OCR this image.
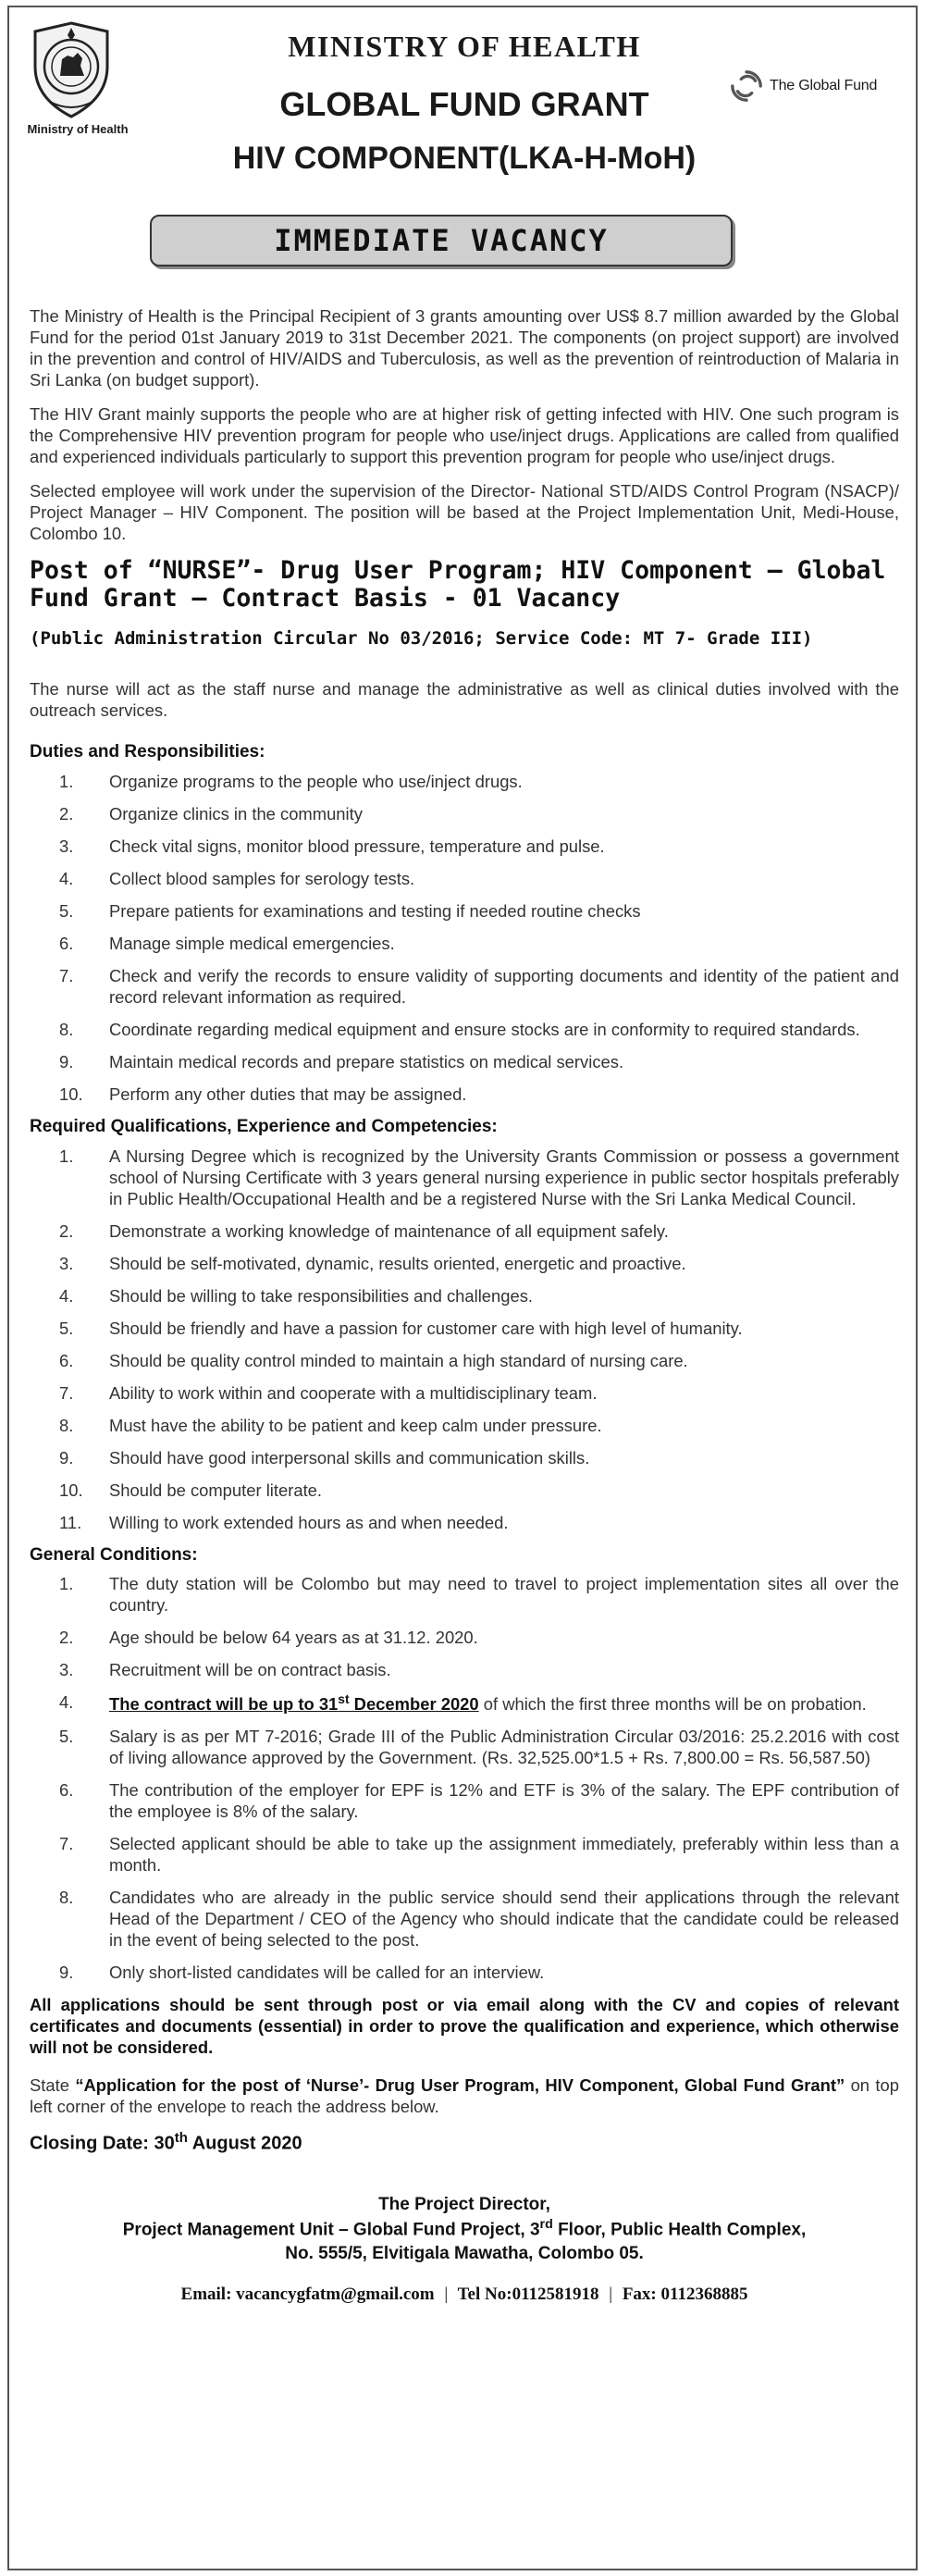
Ministry of Health
MINISTRY OF HEALTH
GLOBAL FUND GRANT
HIV COMPONENT(LKA-H-MoH)
The Global Fund
IMMEDIATE VACANCY

The Ministry of Health is the Principal Recipient of 3 grants amounting over US$ 8.7 million awarded by the Global Fund for the period 01st January 2019 to 31st December 2021. The components (on project support) are involved in the prevention and control of HIV/AIDS and Tuberculosis, as well as the prevention of reintroduction of Malaria in Sri Lanka (on budget support).

The HIV Grant mainly supports the people who are at higher risk of getting infected with HIV. One such program is the Comprehensive HIV prevention program for people who use/inject drugs. Applications are called from qualified and experienced individuals particularly to support this prevention program for people who use/inject drugs.

Selected employee will work under the supervision of the Director- National STD/AIDS Control Program (NSACP)/ Project Manager – HIV Component. The position will be based at the Project Implementation Unit, Medi-House, Colombo 10.

Post of “NURSE”- Drug User Program; HIV Component – Global Fund Grant – Contract Basis - 01 Vacancy
(Public Administration Circular No 03/2016; Service Code: MT 7- Grade III)

The nurse will act as the staff nurse and manage the administrative as well as clinical duties involved with the outreach services.

Duties and Responsibilities:
1.	Organize programs to the people who use/inject drugs.
2.	Organize clinics in the community
3.	Check vital signs, monitor blood pressure, temperature and pulse.
4.	Collect blood samples for serology tests.
5.	Prepare patients for examinations and testing if needed routine checks
6.	Manage simple medical emergencies.
7.	Check and verify the records to ensure validity of supporting documents and identity of the patient and record relevant information as required.
8.	Coordinate regarding medical equipment and ensure stocks are in conformity to required standards.
9.	Maintain medical records and prepare statistics on medical services.
10.	Perform any other duties that may be assigned.
Required Qualifications, Experience and Competencies:
1.	A Nursing Degree which is recognized by the University Grants Commission or possess a government school of Nursing Certificate with 3 years general nursing experience in public sector hospitals preferably in Public Health/Occupational Health and be a registered Nurse with the Sri Lanka Medical Council.
2.	Demonstrate a working knowledge of maintenance of all equipment safely.
3.	Should be self-motivated, dynamic, results oriented, energetic and proactive.
4.	Should be willing to take responsibilities and challenges.
5.	Should be friendly and have a passion for customer care with high level of humanity.
6.	Should be quality control minded to maintain a high standard of nursing care.
7.	Ability to work within and cooperate with a multidisciplinary team.
8.	Must have the ability to be patient and keep calm under pressure.
9.	Should have good interpersonal skills and communication skills.
10.	Should be computer literate.
11.	Willing to work extended hours as and when needed.
General Conditions:
1.	The duty station will be Colombo but may need to travel to project implementation sites all over the country.
2.	Age should be below 64 years as at 31.12. 2020.
3.	Recruitment will be on contract basis.
4.	The contract will be up to 31st December 2020 of which the first three months will be on probation.
5.	Salary is as per MT 7-2016; Grade III of the Public Administration Circular 03/2016: 25.2.2016 with cost of living allowance approved by the Government. (Rs. 32,525.00*1.5 + Rs. 7,800.00 = Rs. 56,587.50)
6.	The contribution of the employer for EPF is 12% and ETF is 3% of the salary. The EPF contribution of the employee is 8% of the salary.
7.	Selected applicant should be able to take up the assignment immediately, preferably within less than a month.
8.	Candidates who are already in the public service should send their applications through the relevant Head of the Department / CEO of the Agency who should indicate that the candidate could be released in the event of being selected to the post.
9.	Only short-listed candidates will be called for an interview.

All applications should be sent through post or via email along with the CV and copies of relevant certificates and documents (essential) in order to prove the qualification and experience, which otherwise will not be considered.

State “Application for the post of ‘Nurse’- Drug User Program, HIV Component, Global Fund Grant” on top left corner of the envelope to reach the address below.

Closing Date: 30th August 2020
The Project Director,
Project Management Unit – Global Fund Project, 3rd Floor, Public Health Complex,
No. 555/5, Elvitigala Mawatha, Colombo 05.
Email: vacancygfatm@gmail.com | Tel No:0112581918 | Fax: 0112368885
